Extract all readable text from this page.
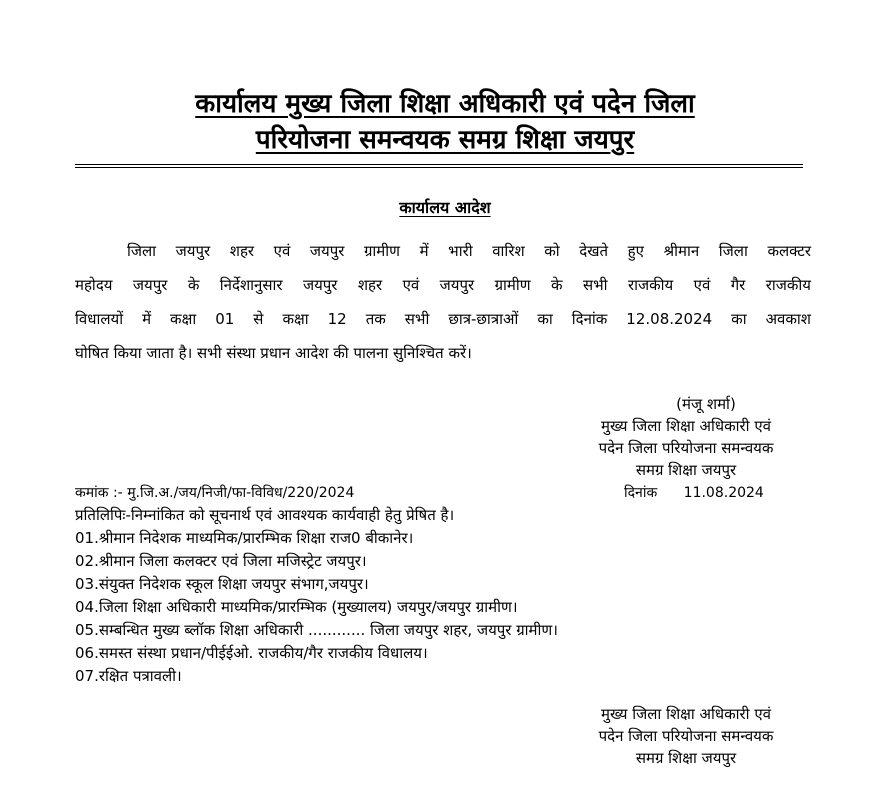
कार्यालय मुख्य जिला शिक्षा अधिकारी एवं पदेन जिला
परियोजना समन्वयक समग्र शिक्षा जयपुर
कार्यालय आदेश
जिला जयपुर शहर एवं जयपुर ग्रामीण में भारी वारिश को देखते हुए श्रीमान जिला कलक्टर
महोदय जयपुर के निर्देशानुसार जयपुर शहर एवं जयपुर ग्रामीण के सभी राजकीय एवं गैर राजकीय
विधालयों में कक्षा 01 से कक्षा 12 तक सभी छात्र-छात्राओं का दिनांक 12.08.2024 का अवकाश
घोषित किया जाता है। सभी संस्था प्रधान आदेश की पालना सुनिश्चित करें।
(मंजू शर्मा)
मुख्य जिला शिक्षा अधिकारी एवं
पदेन जिला परियोजना समन्वयक
समग्र शिक्षा जयपुर
कमांक :- मु.जि.अ./जय/निजी/फा-विविध/220/2024	दिनांक 11.08.2024
प्रतिलिपिः-निम्नांकित को सूचनार्थ एवं आवश्यक कार्यवाही हेतु प्रेषित है।
01.श्रीमान निदेशक माध्यमिक/प्रारम्भिक शिक्षा राज0 बीकानेर।
02.श्रीमान जिला कलक्टर एवं जिला मजिस्ट्रेट जयपुर।
03.संयुक्त निदेशक स्कूल शिक्षा जयपुर संभाग,जयपुर।
04.जिला शिक्षा अधिकारी माध्यमिक/प्रारम्भिक (मुख्यालय) जयपुर/जयपुर ग्रामीण।
05.सम्बन्धित मुख्य ब्लॉक शिक्षा अधिकारी ............ जिला जयपुर शहर, जयपुर ग्रामीण।
06.समस्त संस्था प्रधान/पीईईओ. राजकीय/गैर राजकीय विधालय।
07.रक्षित पत्रावली।
मुख्य जिला शिक्षा अधिकारी एवं
पदेन जिला परियोजना समन्वयक
समग्र शिक्षा जयपुर
